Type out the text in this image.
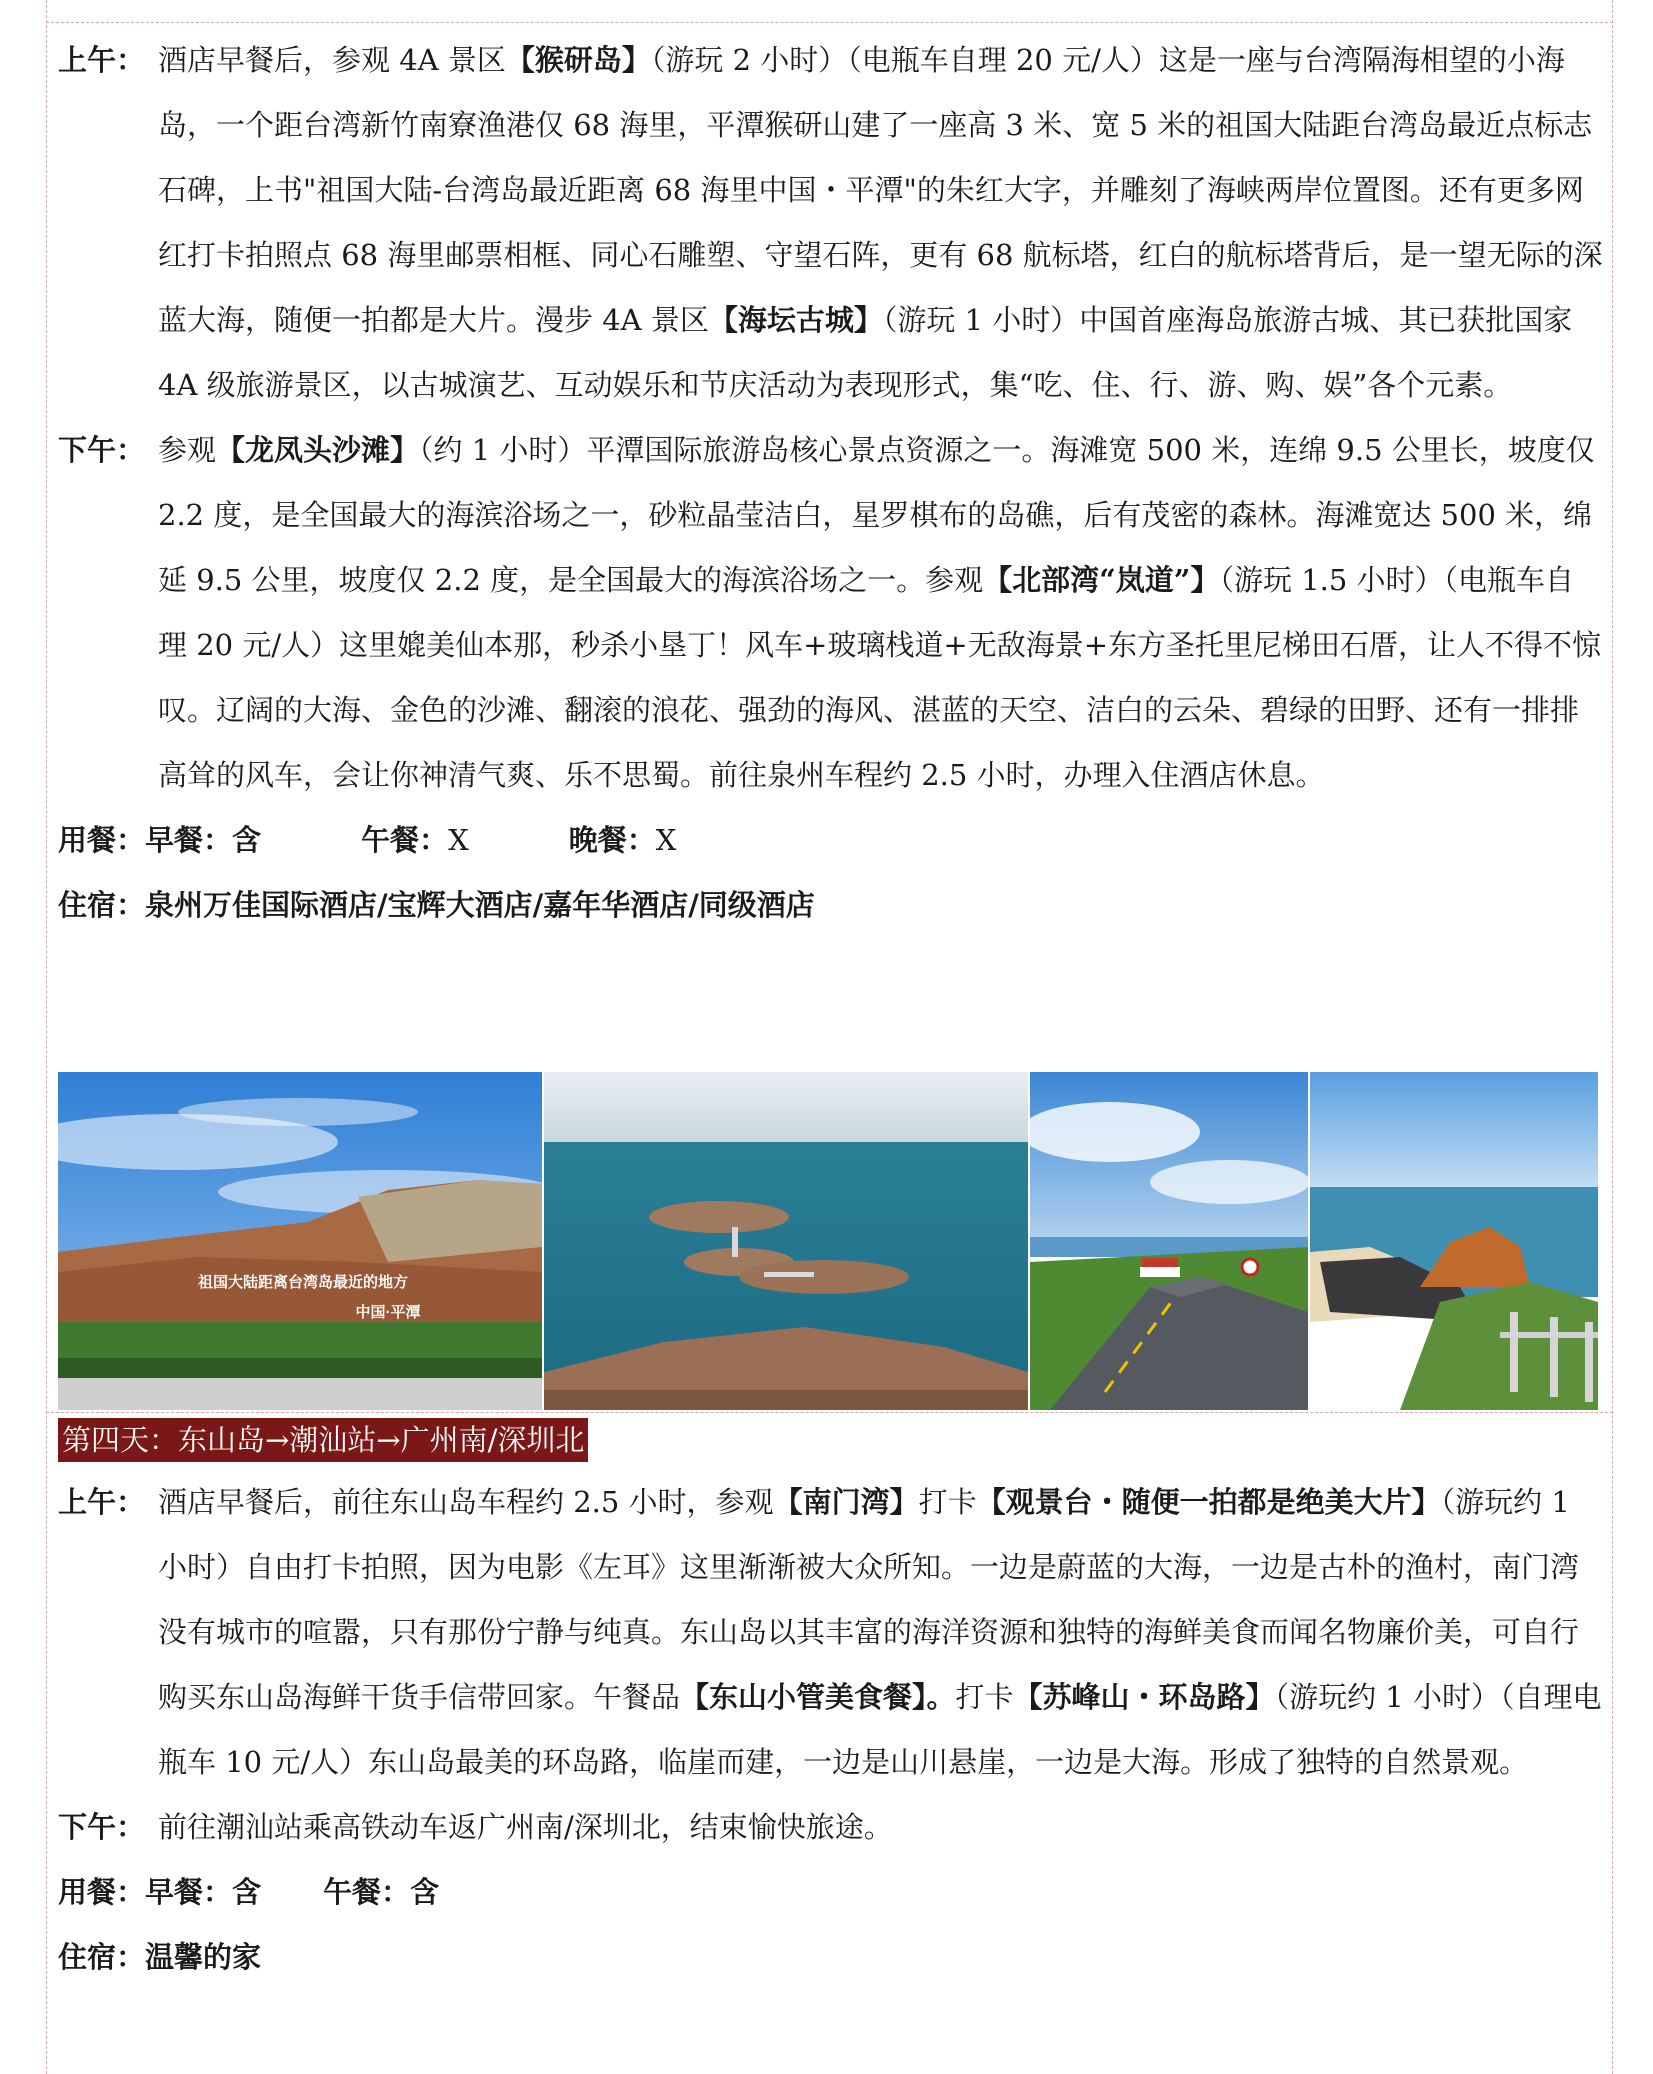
上午： 酒店早餐后，参观 4A 景区【猴研岛】（游玩 2 小时）（电瓶车自理 20 元/人）这是一座与台湾隔海相望的小海岛，一个距台湾新竹南寮渔港仅 68 海里，平潭猴研山建了一座高 3 米、宽 5 米的祖国大陆距台湾岛最近点标志石碑，上书"祖国大陆-台湾岛最近距离 68 海里中国・平潭"的朱红大字，并雕刻了海峡两岸位置图。还有更多网红打卡拍照点 68 海里邮票相框、同心石雕塑、守望石阵，更有 68 航标塔，红白的航标塔背后，是一望无际的深蓝大海，随便一拍都是大片。漫步 4A 景区【海坛古城】（游玩 1 小时）中国首座海岛旅游古城、其已获批国家 4A 级旅游景区，以古城演艺、互动娱乐和节庆活动为表现形式，集“吃、住、行、游、购、娱”各个元素。
下午： 参观【龙凤头沙滩】（约 1 小时）平潭国际旅游岛核心景点资源之一。海滩宽 500 米，连绵 9.5 公里长，坡度仅 2.2 度，是全国最大的海滨浴场之一，砂粒晶莹洁白，星罗棋布的岛礁，后有茂密的森林。海滩宽达 500 米，绵延 9.5 公里，坡度仅 2.2 度，是全国最大的海滨浴场之一。参观【北部湾“岚道”】（游玩 1.5 小时）（电瓶车自理 20 元/人）这里媲美仙本那，秒杀小垦丁！风车+玻璃栈道+无敌海景+东方圣托里尼梯田石厝，让人不得不惊叹。辽阔的大海、金色的沙滩、翻滚的浪花、强劲的海风、湛蓝的天空、洁白的云朵、碧绿的田野、还有一排排高耸的风车，会让你神清气爽、乐不思蜀。前往泉州车程约 2.5 小时，办理入住酒店休息。
用餐：早餐：含	午餐：X	晚餐：X
住宿：泉州万佳国际酒店/宝辉大酒店/嘉年华酒店/同级酒店
祖国大陆距离台湾岛最近的地方
中国·平潭
第四天：东山岛→潮汕站→广州南/深圳北
上午： 酒店早餐后，前往东山岛车程约 2.5 小时，参观【南门湾】打卡【观景台・随便一拍都是绝美大片】（游玩约 1 小时）自由打卡拍照，因为电影《左耳》这里渐渐被大众所知。一边是蔚蓝的大海，一边是古朴的渔村，南门湾没有城市的喧嚣，只有那份宁静与纯真。东山岛以其丰富的海洋资源和独特的海鲜美食而闻名物廉价美，可自行购买东山岛海鲜干货手信带回家。午餐品【东山小管美食餐】。打卡【苏峰山・环岛路】（游玩约 1 小时）（自理电瓶车 10 元/人）东山岛最美的环岛路，临崖而建，一边是山川悬崖，一边是大海。形成了独特的自然景观。
下午： 前往潮汕站乘高铁动车返广州南/深圳北，结束愉快旅途。
用餐：早餐：含 午餐：含
住宿：温馨的家
